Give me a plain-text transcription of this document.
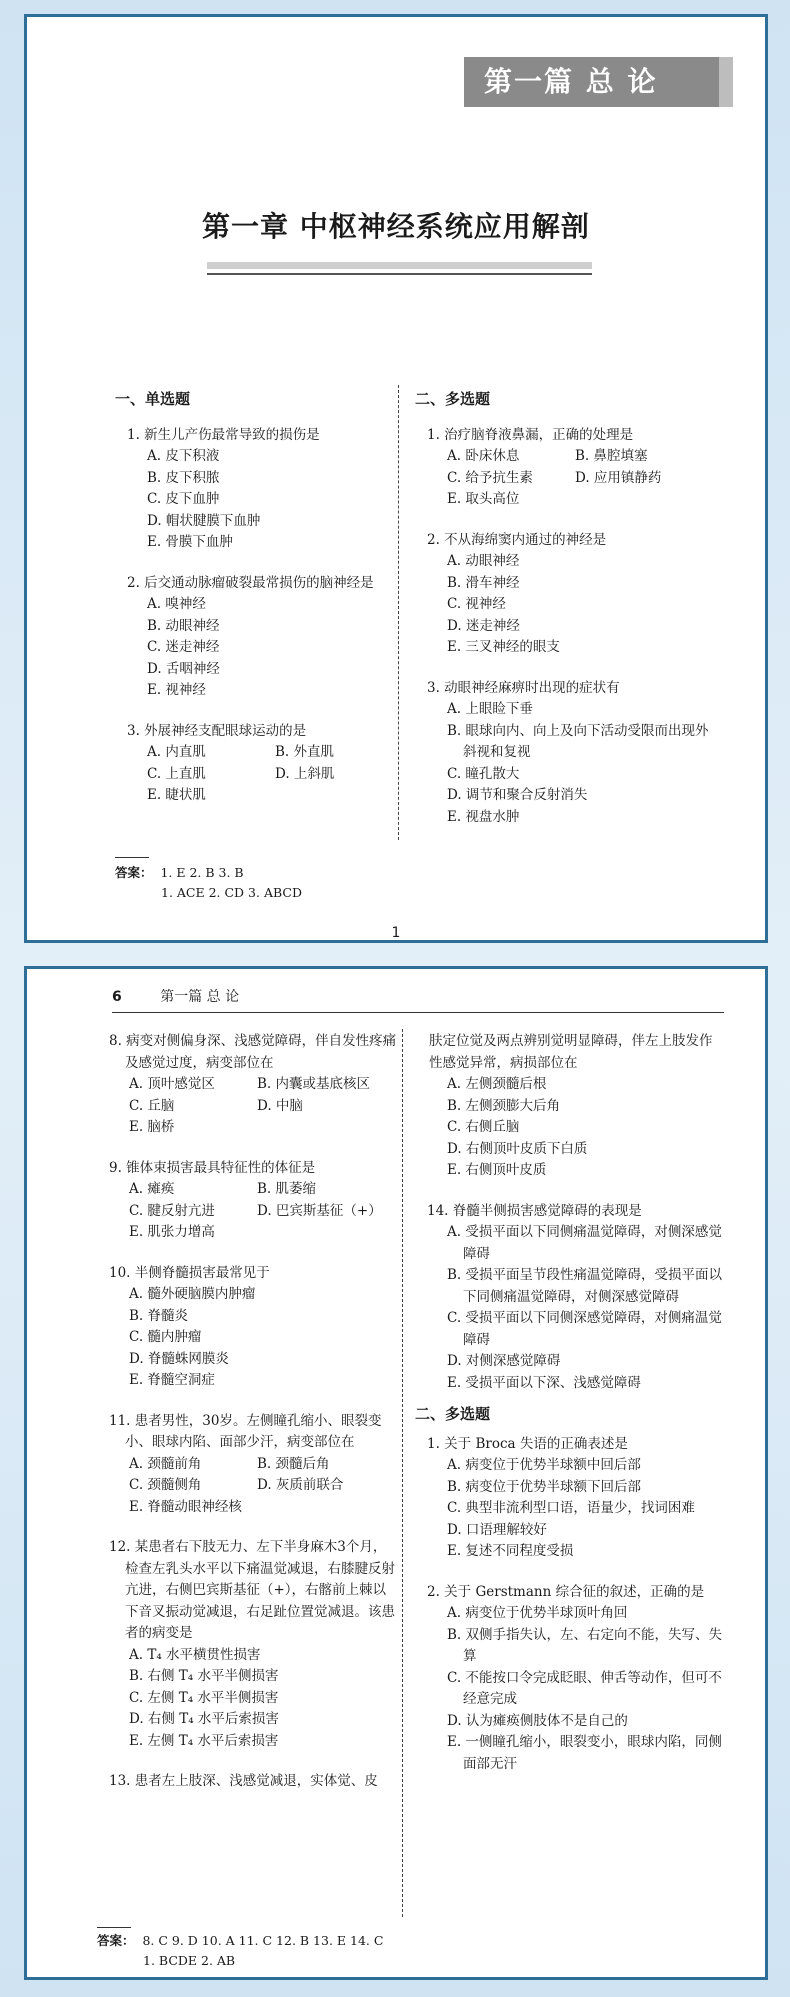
第一篇 总 论
第一章 中枢神经系统应用解剖
一、单选题
1. 新生儿产伤最常导致的损伤是
A. 皮下积液
B. 皮下积脓
C. 皮下血肿
D. 帽状腱膜下血肿
E. 骨膜下血肿
2. 后交通动脉瘤破裂最常损伤的脑神经是
A. 嗅神经
B. 动眼神经
C. 迷走神经
D. 舌咽神经
E. 视神经
3. 外展神经支配眼球运动的是
A. 内直肌	B. 外直肌
C. 上直肌	D. 上斜肌
E. 睫状肌
二、多选题
1. 治疗脑脊液鼻漏，正确的处理是
A. 卧床休息	B. 鼻腔填塞
C. 给予抗生素	D. 应用镇静药
E. 取头高位
2. 不从海绵窦内通过的神经是
A. 动眼神经
B. 滑车神经
C. 视神经
D. 迷走神经
E. 三叉神经的眼支
3. 动眼神经麻痹时出现的症状有
A. 上眼睑下垂
B. 眼球向内、向上及向下活动受限而出现外斜视和复视
C. 瞳孔散大
D. 调节和聚合反射消失
E. 视盘水肿
答案： 1. E 2. B 3. B
1. ACE 2. CD 3. ABCD
1
6	第一篇 总 论
8. 病变对侧偏身深、浅感觉障碍，伴自发性疼痛及感觉过度，病变部位在
A. 顶叶感觉区	B. 内囊或基底核区
C. 丘脑	D. 中脑
E. 脑桥
9. 锥体束损害最具特征性的体征是
A. 瘫痪	B. 肌萎缩
C. 腱反射亢进	D. 巴宾斯基征（+）
E. 肌张力增高
10. 半侧脊髓损害最常见于
A. 髓外硬脑膜内肿瘤
B. 脊髓炎
C. 髓内肿瘤
D. 脊髓蛛网膜炎
E. 脊髓空洞症
11. 患者男性，30岁。左侧瞳孔缩小、眼裂变小、眼球内陷、面部少汗，病变部位在
A. 颈髓前角	B. 颈髓后角
C. 颈髓侧角	D. 灰质前联合
E. 脊髓动眼神经核
12. 某患者右下肢无力、左下半身麻木3个月，检查左乳头水平以下痛温觉减退，右膝腱反射亢进，右侧巴宾斯基征（+），右髂前上棘以下音叉振动觉减退，右足趾位置觉减退。该患者的病变是
A. T₄ 水平横贯性损害
B. 右侧 T₄ 水平半侧损害
C. 左侧 T₄ 水平半侧损害
D. 右侧 T₄ 水平后索损害
E. 左侧 T₄ 水平后索损害
13. 患者左上肢深、浅感觉减退，实体觉、皮
肤定位觉及两点辨别觉明显障碍，伴左上肢发作性感觉异常，病损部位在
A. 左侧颈髓后根
B. 左侧颈膨大后角
C. 右侧丘脑
D. 右侧顶叶皮质下白质
E. 右侧顶叶皮质
14. 脊髓半侧损害感觉障碍的表现是
A. 受损平面以下同侧痛温觉障碍，对侧深感觉障碍
B. 受损平面呈节段性痛温觉障碍，受损平面以下同侧痛温觉障碍，对侧深感觉障碍
C. 受损平面以下同侧深感觉障碍，对侧痛温觉障碍
D. 对侧深感觉障碍
E. 受损平面以下深、浅感觉障碍
二、多选题
1. 关于 Broca 失语的正确表述是
A. 病变位于优势半球额中回后部
B. 病变位于优势半球额下回后部
C. 典型非流利型口语，语量少，找词困难
D. 口语理解较好
E. 复述不同程度受损
2. 关于 Gerstmann 综合征的叙述，正确的是
A. 病变位于优势半球顶叶角回
B. 双侧手指失认，左、右定向不能，失写、失算
C. 不能按口令完成眨眼、伸舌等动作，但可不经意完成
D. 认为瘫痪侧肢体不是自己的
E. 一侧瞳孔缩小，眼裂变小，眼球内陷，同侧面部无汗
答案： 8. C 9. D 10. A 11. C 12. B 13. E 14. C
1. BCDE 2. AB
